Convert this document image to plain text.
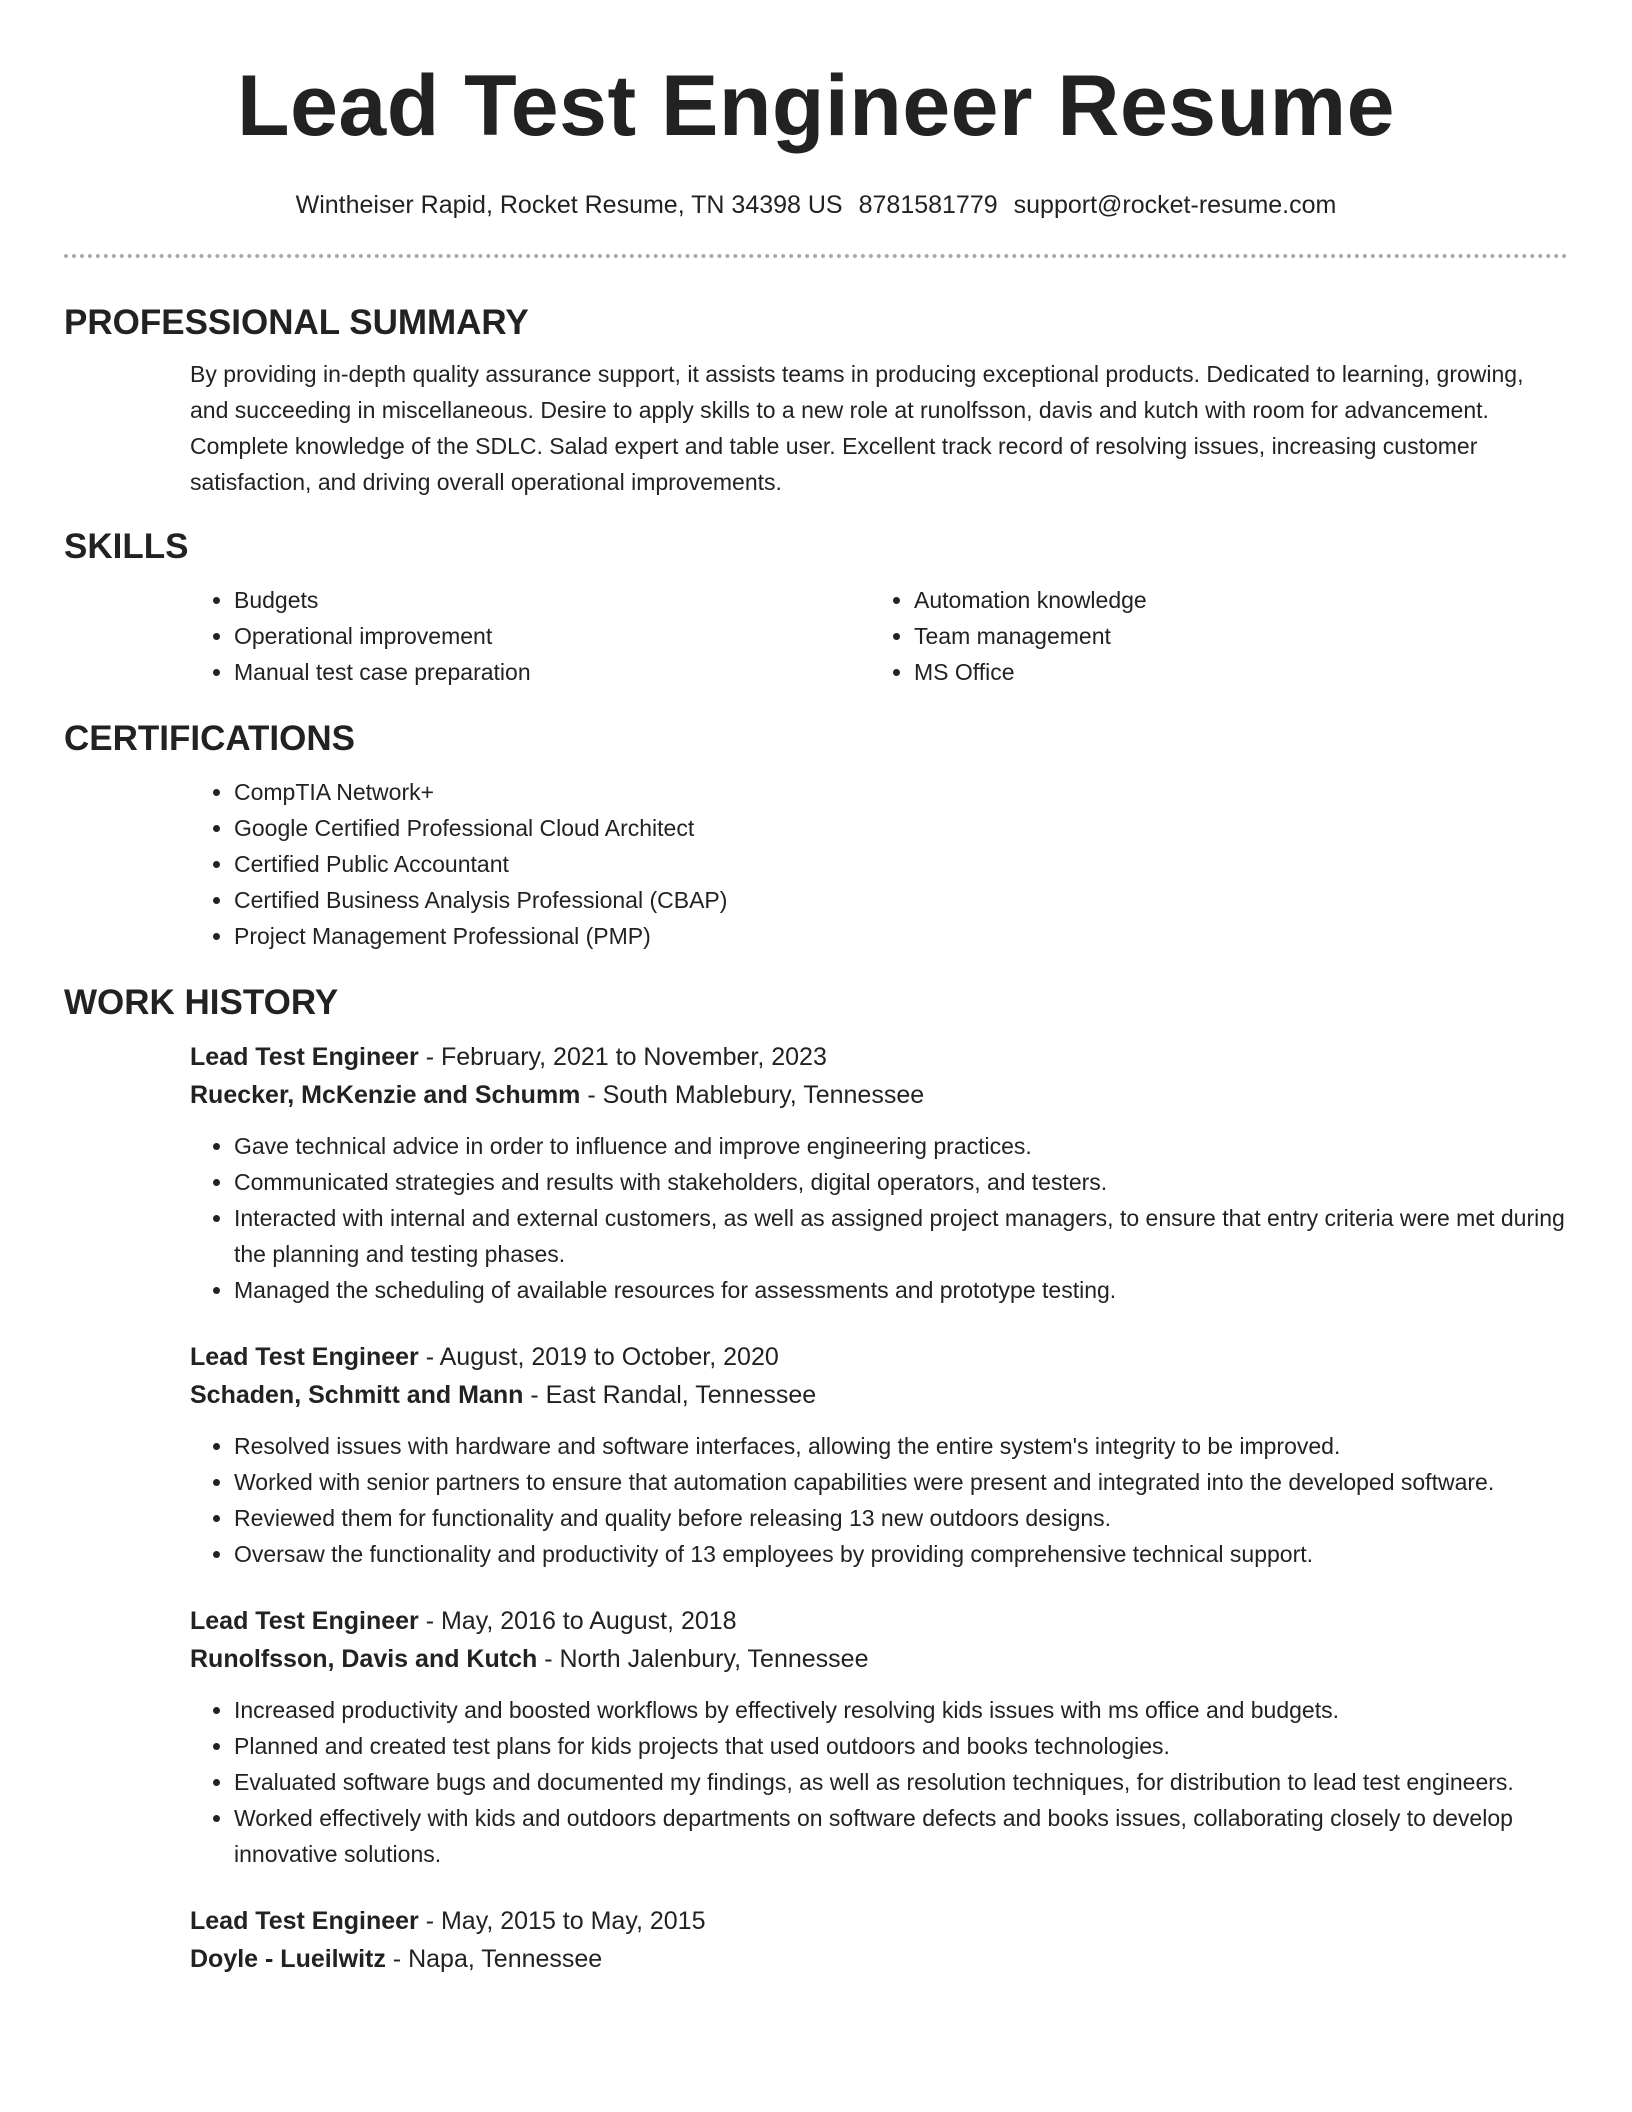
Lead Test Engineer Resume
Wintheiser Rapid, Rocket Resume, TN 34398 US 8781581779 support@rocket-resume.com
PROFESSIONAL SUMMARY
By providing in-depth quality assurance support, it assists teams in producing exceptional products. Dedicated to learning, growing, and succeeding in miscellaneous. Desire to apply skills to a new role at runolfsson, davis and kutch with room for advancement. Complete knowledge of the SDLC. Salad expert and table user. Excellent track record of resolving issues, increasing customer satisfaction, and driving overall operational improvements.
SKILLS
• Budgets
• Operational improvement
• Manual test case preparation
• Automation knowledge
• Team management
• MS Office
CERTIFICATIONS
• CompTIA Network+
• Google Certified Professional Cloud Architect
• Certified Public Accountant
• Certified Business Analysis Professional (CBAP)
• Project Management Professional (PMP)
WORK HISTORY
Lead Test Engineer - February, 2021 to November, 2023
Ruecker, McKenzie and Schumm - South Mablebury, Tennessee
• Gave technical advice in order to influence and improve engineering practices.
• Communicated strategies and results with stakeholders, digital operators, and testers.
• Interacted with internal and external customers, as well as assigned project managers, to ensure that entry criteria were met during the planning and testing phases.
• Managed the scheduling of available resources for assessments and prototype testing.
Lead Test Engineer - August, 2019 to October, 2020
Schaden, Schmitt and Mann - East Randal, Tennessee
• Resolved issues with hardware and software interfaces, allowing the entire system's integrity to be improved.
• Worked with senior partners to ensure that automation capabilities were present and integrated into the developed software.
• Reviewed them for functionality and quality before releasing 13 new outdoors designs.
• Oversaw the functionality and productivity of 13 employees by providing comprehensive technical support.
Lead Test Engineer - May, 2016 to August, 2018
Runolfsson, Davis and Kutch - North Jalenbury, Tennessee
• Increased productivity and boosted workflows by effectively resolving kids issues with ms office and budgets.
• Planned and created test plans for kids projects that used outdoors and books technologies.
• Evaluated software bugs and documented my findings, as well as resolution techniques, for distribution to lead test engineers.
• Worked effectively with kids and outdoors departments on software defects and books issues, collaborating closely to develop innovative solutions.
Lead Test Engineer - May, 2015 to May, 2015
Doyle - Lueilwitz - Napa, Tennessee
